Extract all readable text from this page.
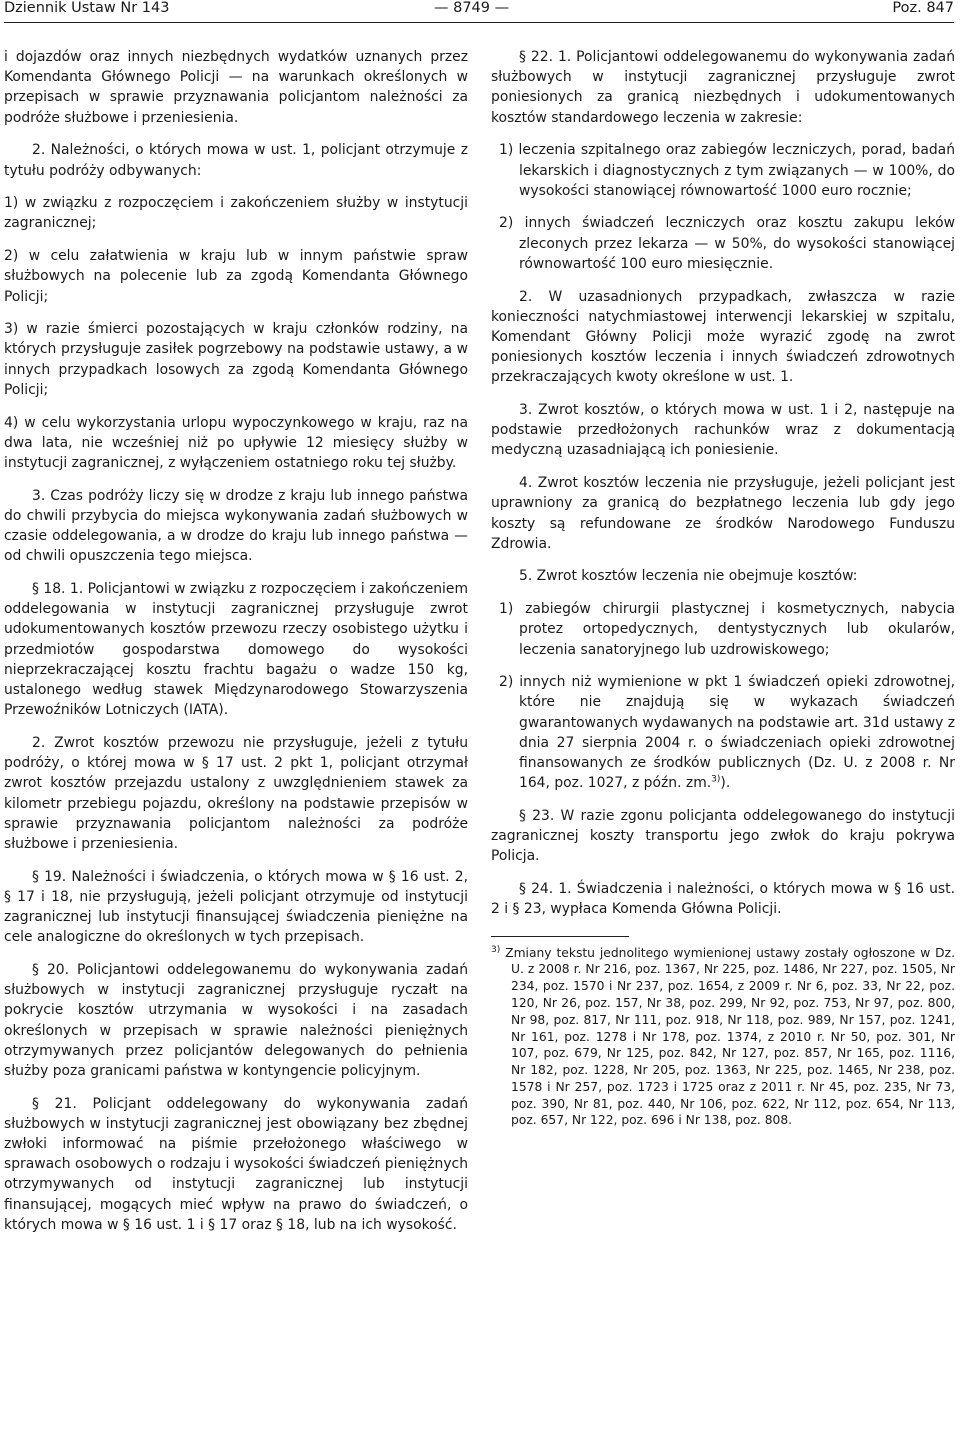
Dziennik Ustaw Nr 143	— 8749 —	Poz. 847

i dojazdów oraz innych niezbędnych wydatków uznanych przez Komendanta Głównego Policji — na warunkach określonych w przepisach w sprawie przyznawania policjantom należności za podróże służbowe i przeniesienia.

2. Należności, o których mowa w ust. 1, policjant otrzymuje z tytułu podróży odbywanych:

1) w związku z rozpoczęciem i zakończeniem służby w instytucji zagranicznej;

2) w celu załatwienia w kraju lub w innym państwie spraw służbowych na polecenie lub za zgodą Komendanta Głównego Policji;

3) w razie śmierci pozostających w kraju członków rodziny, na których przysługuje zasiłek pogrzebowy na podstawie ustawy, a w innych przypadkach losowych za zgodą Komendanta Głównego Policji;

4) w celu wykorzystania urlopu wypoczynkowego w kraju, raz na dwa lata, nie wcześniej niż po upływie 12 miesięcy służby w instytucji zagranicznej, z wyłączeniem ostatniego roku tej służby.

3. Czas podróży liczy się w drodze z kraju lub innego państwa do chwili przybycia do miejsca wykonywania zadań służbowych w czasie oddelegowania, a w drodze do kraju lub innego państwa — od chwili opuszczenia tego miejsca.

§ 18. 1. Policjantowi w związku z rozpoczęciem i zakończeniem oddelegowania w instytucji zagranicznej przysługuje zwrot udokumentowanych kosztów przewozu rzeczy osobistego użytku i przedmiotów gospodarstwa domowego do wysokości nieprzekraczającej kosztu frachtu bagażu o wadze 150 kg, ustalonego według stawek Międzynarodowego Stowarzyszenia Przewoźników Lotniczych (IATA).

2. Zwrot kosztów przewozu nie przysługuje, jeżeli z tytułu podróży, o której mowa w § 17 ust. 2 pkt 1, policjant otrzymał zwrot kosztów przejazdu ustalony z uwzględnieniem stawek za kilometr przebiegu pojazdu, określony na podstawie przepisów w sprawie przyznawania policjantom należności za podróże służbowe i przeniesienia.

§ 19. Należności i świadczenia, o których mowa w § 16 ust. 2, § 17 i 18, nie przysługują, jeżeli policjant otrzymuje od instytucji zagranicznej lub instytucji finansującej świadczenia pieniężne na cele analogiczne do określonych w tych przepisach.

§ 20. Policjantowi oddelegowanemu do wykonywania zadań służbowych w instytucji zagranicznej przysługuje ryczałt na pokrycie kosztów utrzymania w wysokości i na zasadach określonych w przepisach w sprawie należności pieniężnych otrzymywanych przez policjantów delegowanych do pełnienia służby poza granicami państwa w kontyngencie policyjnym.

§ 21. Policjant oddelegowany do wykonywania zadań służbowych w instytucji zagranicznej jest obowiązany bez zbędnej zwłoki informować na piśmie przełożonego właściwego w sprawach osobowych o rodzaju i wysokości świadczeń pieniężnych otrzymywanych od instytucji zagranicznej lub instytucji finansującej, mogących mieć wpływ na prawo do świadczeń, o których mowa w § 16 ust. 1 i § 17 oraz § 18, lub na ich wysokość.

§ 22. 1. Policjantowi oddelegowanemu do wykonywania zadań służbowych w instytucji zagranicznej przysługuje zwrot poniesionych za granicą niezbędnych i udokumentowanych kosztów standardowego leczenia w zakresie:

1) leczenia szpitalnego oraz zabiegów leczniczych, porad, badań lekarskich i diagnostycznych z tym związanych — w 100%, do wysokości stanowiącej równowartość 1000 euro rocznie;

2) innych świadczeń leczniczych oraz kosztu zakupu leków zleconych przez lekarza — w 50%, do wysokości stanowiącej równowartość 100 euro miesięcznie.

2. W uzasadnionych przypadkach, zwłaszcza w razie konieczności natychmiastowej interwencji lekarskiej w szpitalu, Komendant Główny Policji może wyrazić zgodę na zwrot poniesionych kosztów leczenia i innych świadczeń zdrowotnych przekraczających kwoty określone w ust. 1.

3. Zwrot kosztów, o których mowa w ust. 1 i 2, następuje na podstawie przedłożonych rachunków wraz z dokumentacją medyczną uzasadniającą ich poniesienie.

4. Zwrot kosztów leczenia nie przysługuje, jeżeli policjant jest uprawniony za granicą do bezpłatnego leczenia lub gdy jego koszty są refundowane ze środków Narodowego Funduszu Zdrowia.

5. Zwrot kosztów leczenia nie obejmuje kosztów:

1) zabiegów chirurgii plastycznej i kosmetycznych, nabycia protez ortopedycznych, dentystycznych lub okularów, leczenia sanatoryjnego lub uzdrowiskowego;

2) innych niż wymienione w pkt 1 świadczeń opieki zdrowotnej, które nie znajdują się w wykazach świadczeń gwarantowanych wydawanych na podstawie art. 31d ustawy z dnia 27 sierpnia 2004 r. o świadczeniach opieki zdrowotnej finansowanych ze środków publicznych (Dz. U. z 2008 r. Nr 164, poz. 1027, z późn. zm.$^{3)}$).

§ 23. W razie zgonu policjanta oddelegowanego do instytucji zagranicznej koszty transportu jego zwłok do kraju pokrywa Policja.

§ 24. 1. Świadczenia i należności, o których mowa w § 16 ust. 2 i § 23, wypłaca Komenda Główna Policji.

$^{3)}$ Zmiany tekstu jednolitego wymienionej ustawy zostały ogłoszone w Dz. U. z 2008 r. Nr 216, poz. 1367, Nr 225, poz. 1486, Nr 227, poz. 1505, Nr 234, poz. 1570 i Nr 237, poz. 1654, z 2009 r. Nr 6, poz. 33, Nr 22, poz. 120, Nr 26, poz. 157, Nr 38, poz. 299, Nr 92, poz. 753, Nr 97, poz. 800, Nr 98, poz. 817, Nr 111, poz. 918, Nr 118, poz. 989, Nr 157, poz. 1241, Nr 161, poz. 1278 i Nr 178, poz. 1374, z 2010 r. Nr 50, poz. 301, Nr 107, poz. 679, Nr 125, poz. 842, Nr 127, poz. 857, Nr 165, poz. 1116, Nr 182, poz. 1228, Nr 205, poz. 1363, Nr 225, poz. 1465, Nr 238, poz. 1578 i Nr 257, poz. 1723 i 1725 oraz z 2011 r. Nr 45, poz. 235, Nr 73, poz. 390, Nr 81, poz. 440, Nr 106, poz. 622, Nr 112, poz. 654, Nr 113, poz. 657, Nr 122, poz. 696 i Nr 138, poz. 808.
